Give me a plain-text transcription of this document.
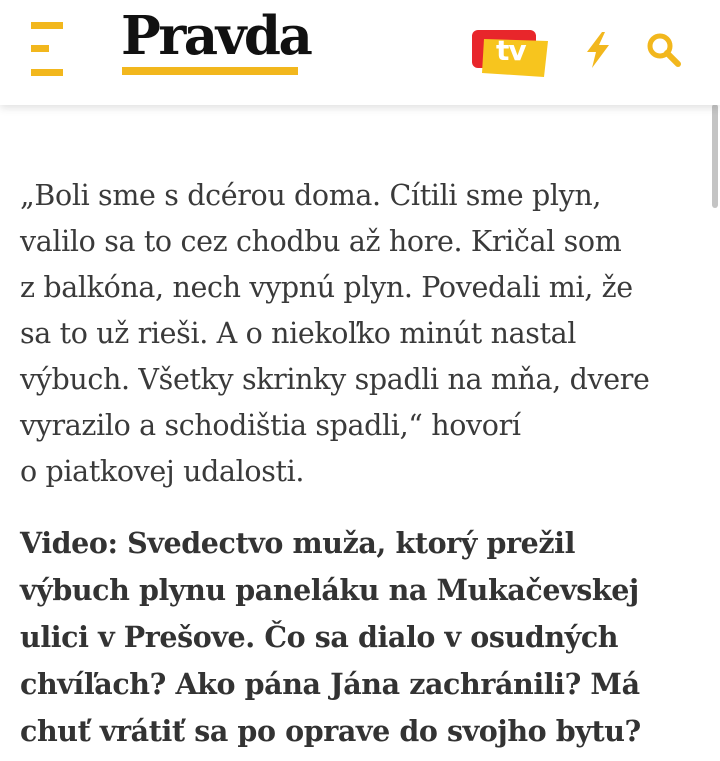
Pravda	tv

„Boli sme s dcérou doma. Cítili sme plyn,
valilo sa to cez chodbu až hore. Kričal som
z balkóna, nech vypnú plyn. Povedali mi, že
sa to už rieši. A o niekoľko minút nastal
výbuch. Všetky skrinky spadli na mňa, dvere
vyrazilo a schodištia spadli,“ hovorí
o piatkovej udalosti.

Video: Svedectvo muža, ktorý prežil
výbuch plynu paneláku na Mukačevskej
ulici v Prešove. Čo sa dialo v osudných
chvíľach? Ako pána Jána zachránili? Má
chuť vrátiť sa po oprave do svojho bytu?
